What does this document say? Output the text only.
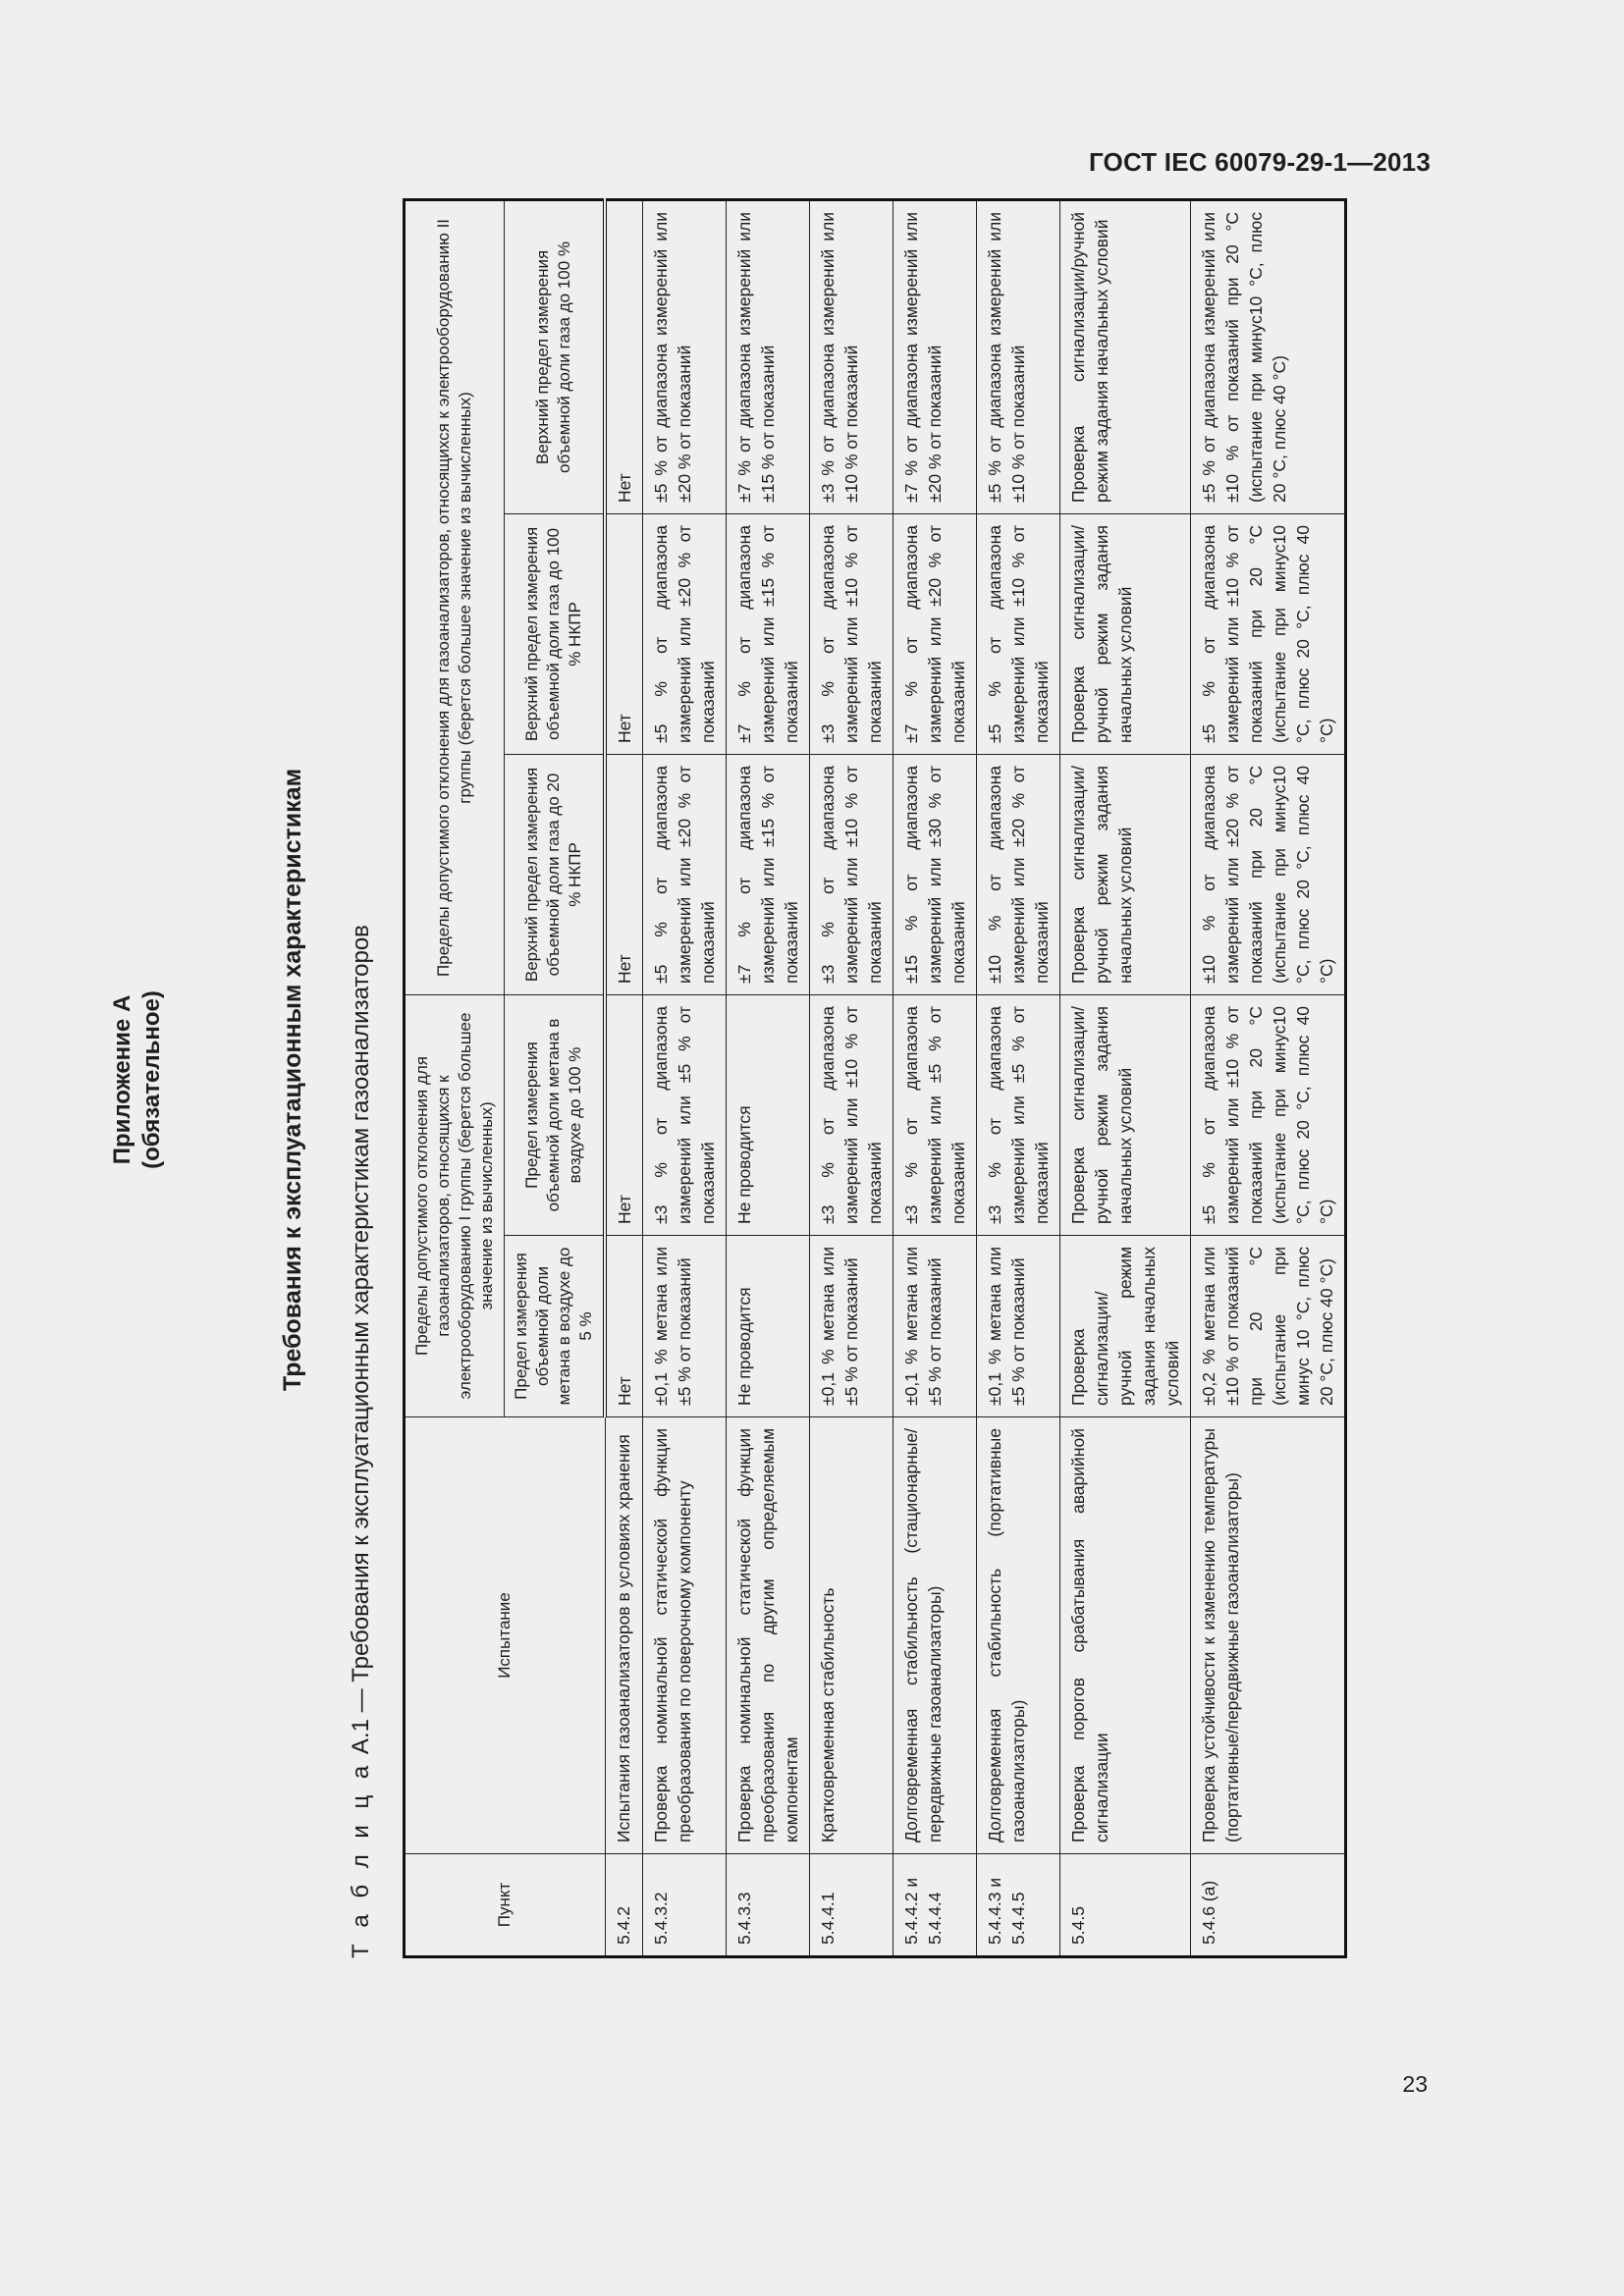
ГОСТ IEC 60079-29-1—2013
Приложение А (обязательное)	Требования к эксплуатационным характеристикам
Т а б л и ц а А.1 — Требования к эксплуатационным характеристикам газоанализаторов
Пункт	Испытание	Пределы допустимого отклонения для газоанализаторов, относящихся к электрооборудованию I группы (берется большее значение из вычисленных)		Пределы допустимого отклонения для газоанализаторов, относящихся к электрооборудованию II группы (берется большее значение из вычисленных)		
		Предел измерения объемной доли метана в воздухе до 5 %	Предел измерения объемной доли метана в воздухе до 100 %	Верхний предел измерения объемной доли газа до 20 % НКПР	Верхний предел измерения объемной доли газа до 100 % НКПР	Верхний предел измерения объемной доли газа до 100 %
5.4.2	Испытания газоанализаторов в условиях хранения	Нет	Нет	Нет	Нет	Нет
5.4.3.2	Проверка номинальной статической функции преобразования по поверочному компоненту	±0,1 % метана или ±5 % от показаний	±3 % от диапазона измерений или ±5 % от показаний	±5 % от диапазона измерений или ±20 % от показаний	±5 % от диапазона измерений или ±20 % от показаний	±5 % от диапазона измерений или ±20 % от показаний
5.4.3.3	Проверка номинальной статической функции преобразования по другим определяемым компонентам	Не проводится	Не проводится	±7 % от диапазона измерений или ±15 % от показаний	±7 % от диапазона измерений или ±15 % от показаний	±7 % от диапазона измерений или ±15 % от показаний
5.4.4.1	Кратковременная стабильность	±0,1 % метана или ±5 % от показаний	±3 % от диапазона измерений или ±10 % от показаний	±3 % от диапазона измерений или ±10 % от показаний	±3 % от диапазона измерений или ±10 % от показаний	±3 % от диапазона измерений или ±10 % от показаний
5.4.4.2 и 5.4.4.4	Долговременная стабильность (стационарные/передвижные газоанализаторы)	±0,1 % метана или ±5 % от показаний	±3 % от диапазона измерений или ±5 % от показаний	±15 % от диапазона измерений или ±30 % от показаний	±7 % от диапазона измерений или ±20 % от показаний	±7 % от диапазона измерений или ±20 % от показаний
5.4.4.3 и 5.4.4.5	Долговременная стабильность (портативные газоанализаторы)	±0,1 % метана или ±5 % от показаний	±3 % от диапазона измерений или ±5 % от показаний	±10 % от диапазона измерений или ±20 % от показаний	±5 % от диапазона измерений или ±10 % от показаний	±5 % от диапазона измерений или ±10 % от показаний
5.4.5	Проверка порогов срабатывания аварийной сигнализации	Проверка сигнализации/ручной режим задания начальных условий	Проверка сигнализации/ручной режим задания начальных условий	Проверка сигнализации/ручной режим задания начальных условий	Проверка сигнализации/ручной режим задания начальных условий	Проверка сигнализации/ручной режим задания начальных условий
5.4.6 (а)	Проверка устойчивости к изменению температуры (портативные/передвижные газоанализаторы)	±0,2 % метана или ±10 % от показаний при 20 °С (испытание при минус 10 °С, плюс 20 °С, плюс 40 °С)	±5 % от диапазона измерений или ±10 % от показаний при 20 °С (испытание при минус10 °С, плюс 20 °С, плюс 40 °С)	±10 % от диапазона измерений или ±20 % от показаний при 20 °С (испытание при минус10 °С, плюс 20 °С, плюс 40 °С)	±5 % от диапазона измерений или ±10 % от показаний при 20 °С (испытание при минус10 °С, плюс 20 °С, плюс 40 °С)	±5 % от диапазона измерений или ±10 % от показаний при 20 °С (испытание при минус10 °С, плюс 20 °С, плюс 40 °С)
23
